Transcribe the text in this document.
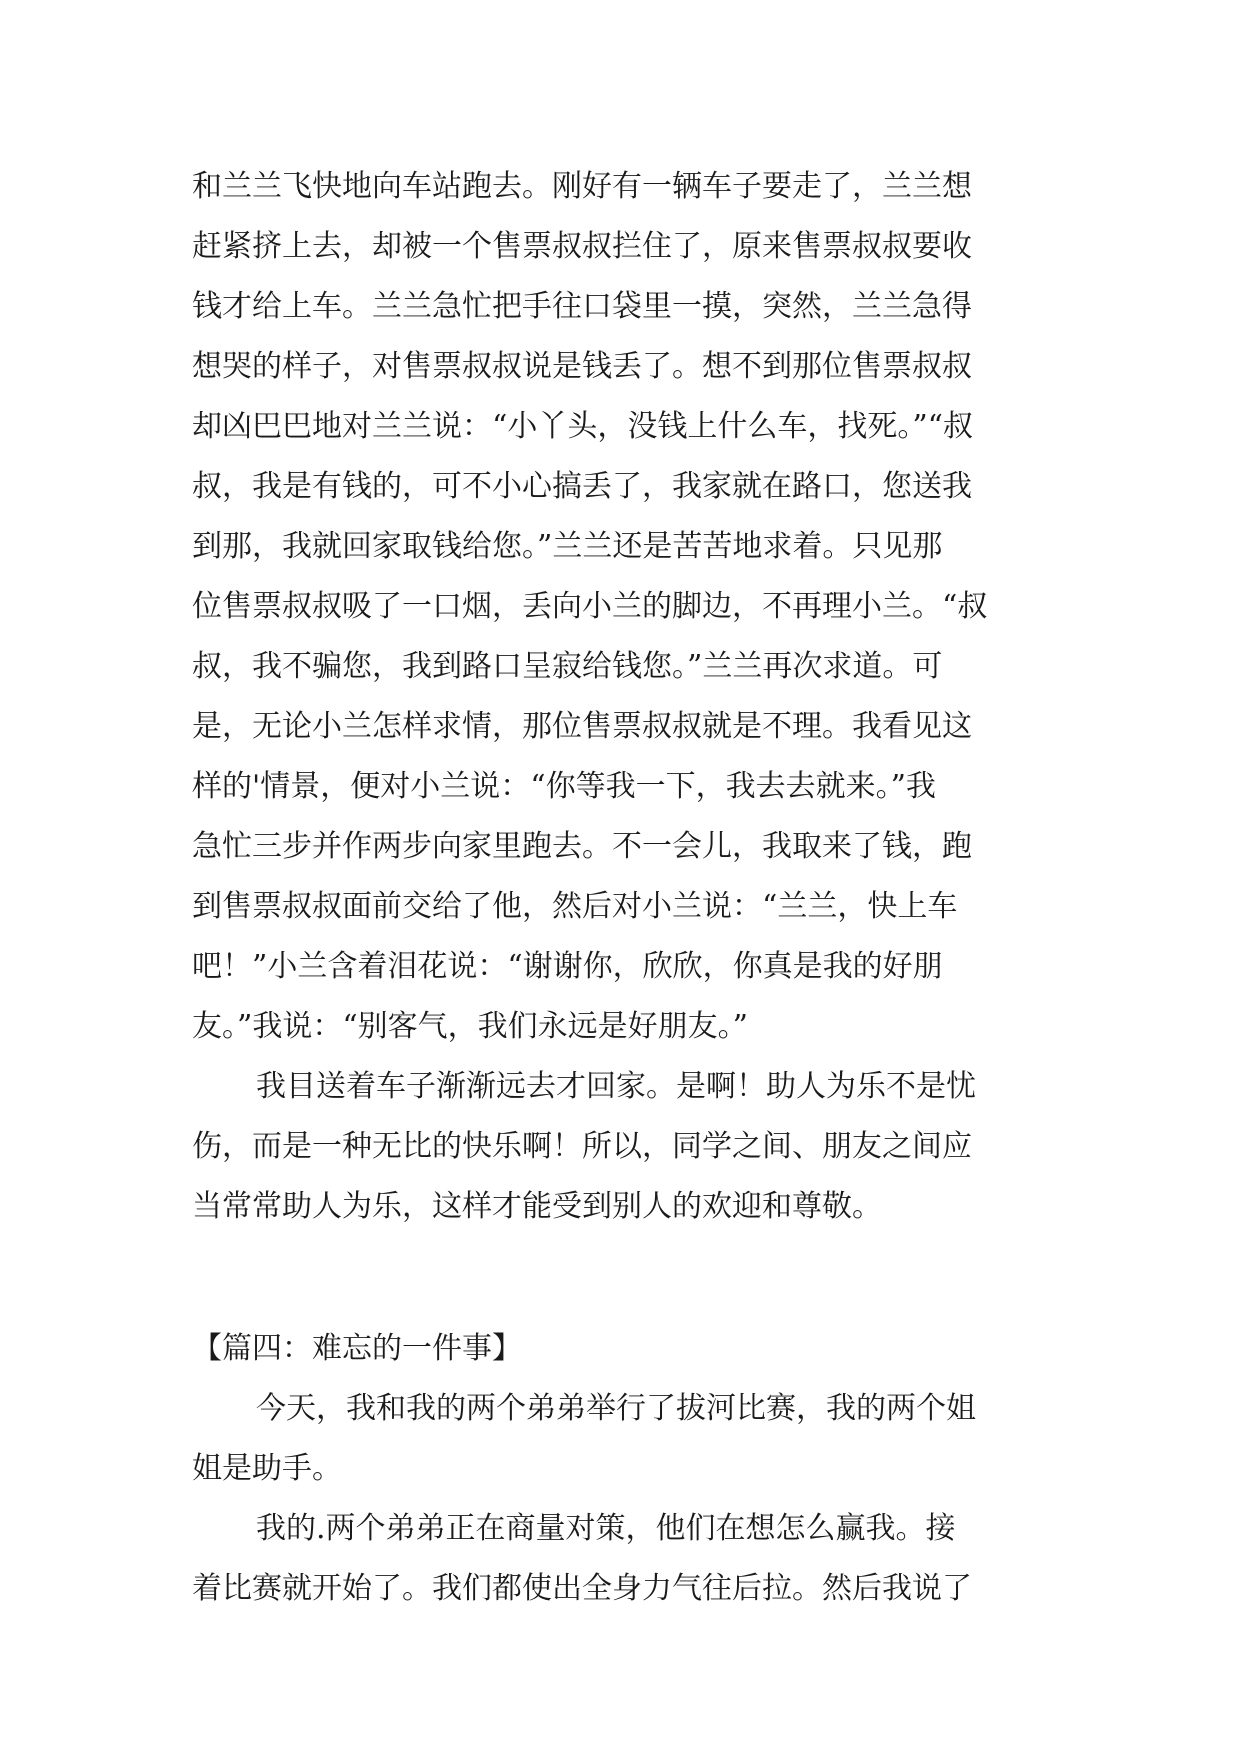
和兰兰飞快地向车站跑去。刚好有一辆车子要走了，兰兰想
赶紧挤上去，却被一个售票叔叔拦住了，原来售票叔叔要收
钱才给上车。兰兰急忙把手往口袋里一摸，突然，兰兰急得
想哭的样子，对售票叔叔说是钱丢了。想不到那位售票叔叔
却凶巴巴地对兰兰说：“小丫头，没钱上什么车，找死。”“叔
叔，我是有钱的，可不小心搞丢了，我家就在路口，您送我
到那，我就回家取钱给您。”兰兰还是苦苦地求着。只见那
位售票叔叔吸了一口烟，丢向小兰的脚边，不再理小兰。“叔
叔，我不骗您，我到路口呈寂给钱您。”兰兰再次求道。可
是，无论小兰怎样求情，那位售票叔叔就是不理。我看见这
样的'情景，便对小兰说：“你等我一下，我去去就来。”我
急忙三步并作两步向家里跑去。不一会儿，我取来了钱，跑
到售票叔叔面前交给了他，然后对小兰说：“兰兰，快上车
吧！”小兰含着泪花说：“谢谢你，欣欣，你真是我的好朋
友。”我说：“别客气，我们永远是好朋友。”
我目送着车子渐渐远去才回家。是啊！助人为乐不是忧
伤，而是一种无比的快乐啊！所以，同学之间、朋友之间应
当常常助人为乐，这样才能受到别人的欢迎和尊敬。
【篇四：难忘的一件事】
今天，我和我的两个弟弟举行了拔河比赛，我的两个姐
姐是助手。
我的.两个弟弟正在商量对策，他们在想怎么赢我。接
着比赛就开始了。我们都使出全身力气往后拉。然后我说了
